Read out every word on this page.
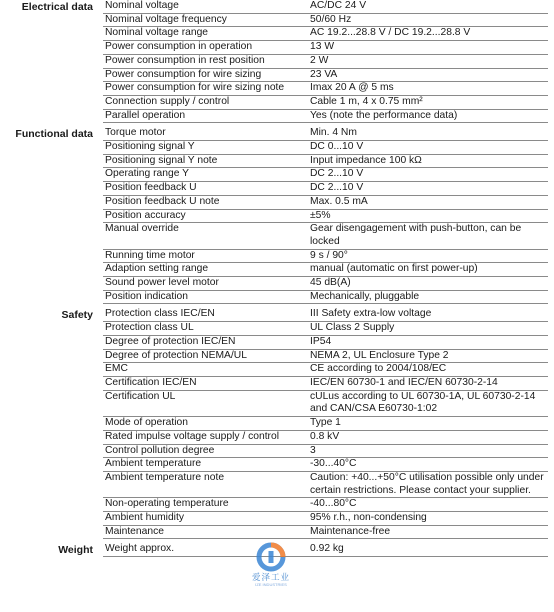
Electrical data	Nominal voltage	AC/DC 24 V
Nominal voltage frequency	50/60 Hz
Nominal voltage range	AC 19.2...28.8 V / DC 19.2...28.8 V
Power consumption in operation	13 W
Power consumption in rest position	2 W
Power consumption for wire sizing	23 VA
Power consumption for wire sizing note	Imax 20 A @ 5 ms
Connection supply / control	Cable 1 m, 4 x 0.75 mm²
Parallel operation	Yes (note the performance data)
Functional data	Torque motor	Min. 4 Nm
Positioning signal Y	DC 0...10 V
Positioning signal Y note	Input impedance 100 kΩ
Operating range Y	DC 2...10 V
Position feedback U	DC 2...10 V
Position feedback U note	Max. 0.5 mA
Position accuracy	±5%
Manual override	Gear disengagement with push-button, can be locked
Running time motor	9 s / 90°
Adaption setting range	manual (automatic on first power-up)
Sound power level motor	45 dB(A)
Position indication	Mechanically, pluggable
Safety	Protection class IEC/EN	III Safety extra-low voltage
Protection class UL	UL Class 2 Supply
Degree of protection IEC/EN	IP54
Degree of protection NEMA/UL	NEMA 2, UL Enclosure Type 2
EMC	CE according to 2004/108/EC
Certification IEC/EN	IEC/EN 60730-1 and IEC/EN 60730-2-14
Certification UL	cULus according to UL 60730-1A, UL 60730-2-14 and CAN/CSA E60730-1:02
Mode of operation	Type 1
Rated impulse voltage supply / control	0.8 kV
Control pollution degree	3
Ambient temperature	-30...40°C
Ambient temperature note	Caution: +40...+50°C utilisation possible only under certain restrictions. Please contact your supplier.
Non-operating temperature	-40...80°C
Ambient humidity	95% r.h., non-condensing
Maintenance	Maintenance-free
Weight	Weight approx.	0.92 kg
爱泽工业
IZE INDUSTRIES
